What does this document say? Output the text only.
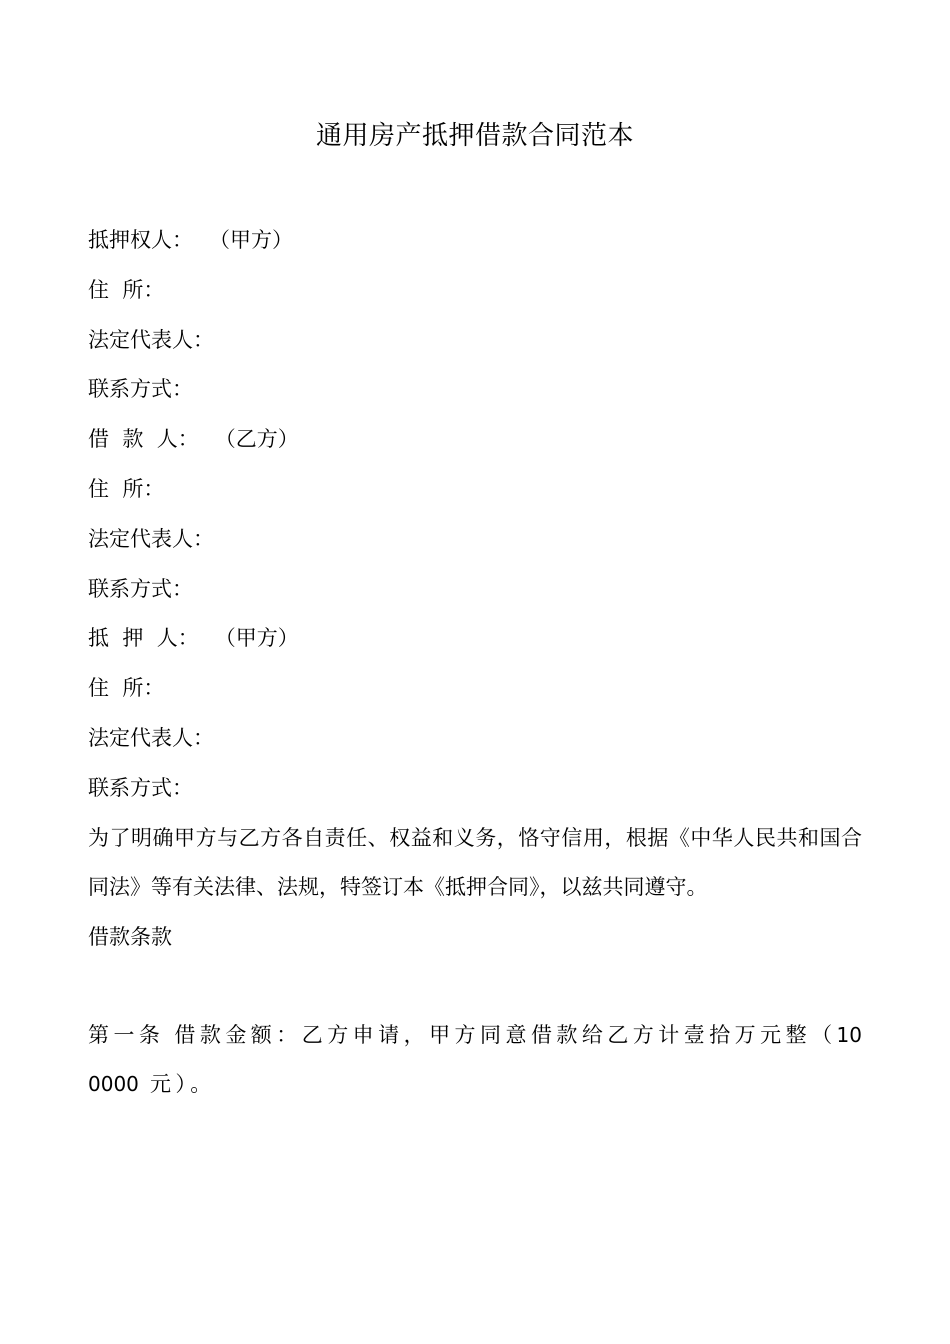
通用房产抵押借款合同范本
抵押权人： （甲方）
住  所：
法定代表人：
联系方式：
借  款  人： （乙方）
住  所：
法定代表人：
联系方式：
抵  押  人： （甲方）
住  所：
法定代表人：
联系方式：
为了明确甲方与乙方各自责任、权益和义务，恪守信用，根据《中华人民共和国合同法》等有关法律、法规，特签订本《抵押合同》，以兹共同遵守。
借款条款
第一条 借款金额：乙方申请，甲方同意借款给乙方计壹拾万元整（100000 元）。
